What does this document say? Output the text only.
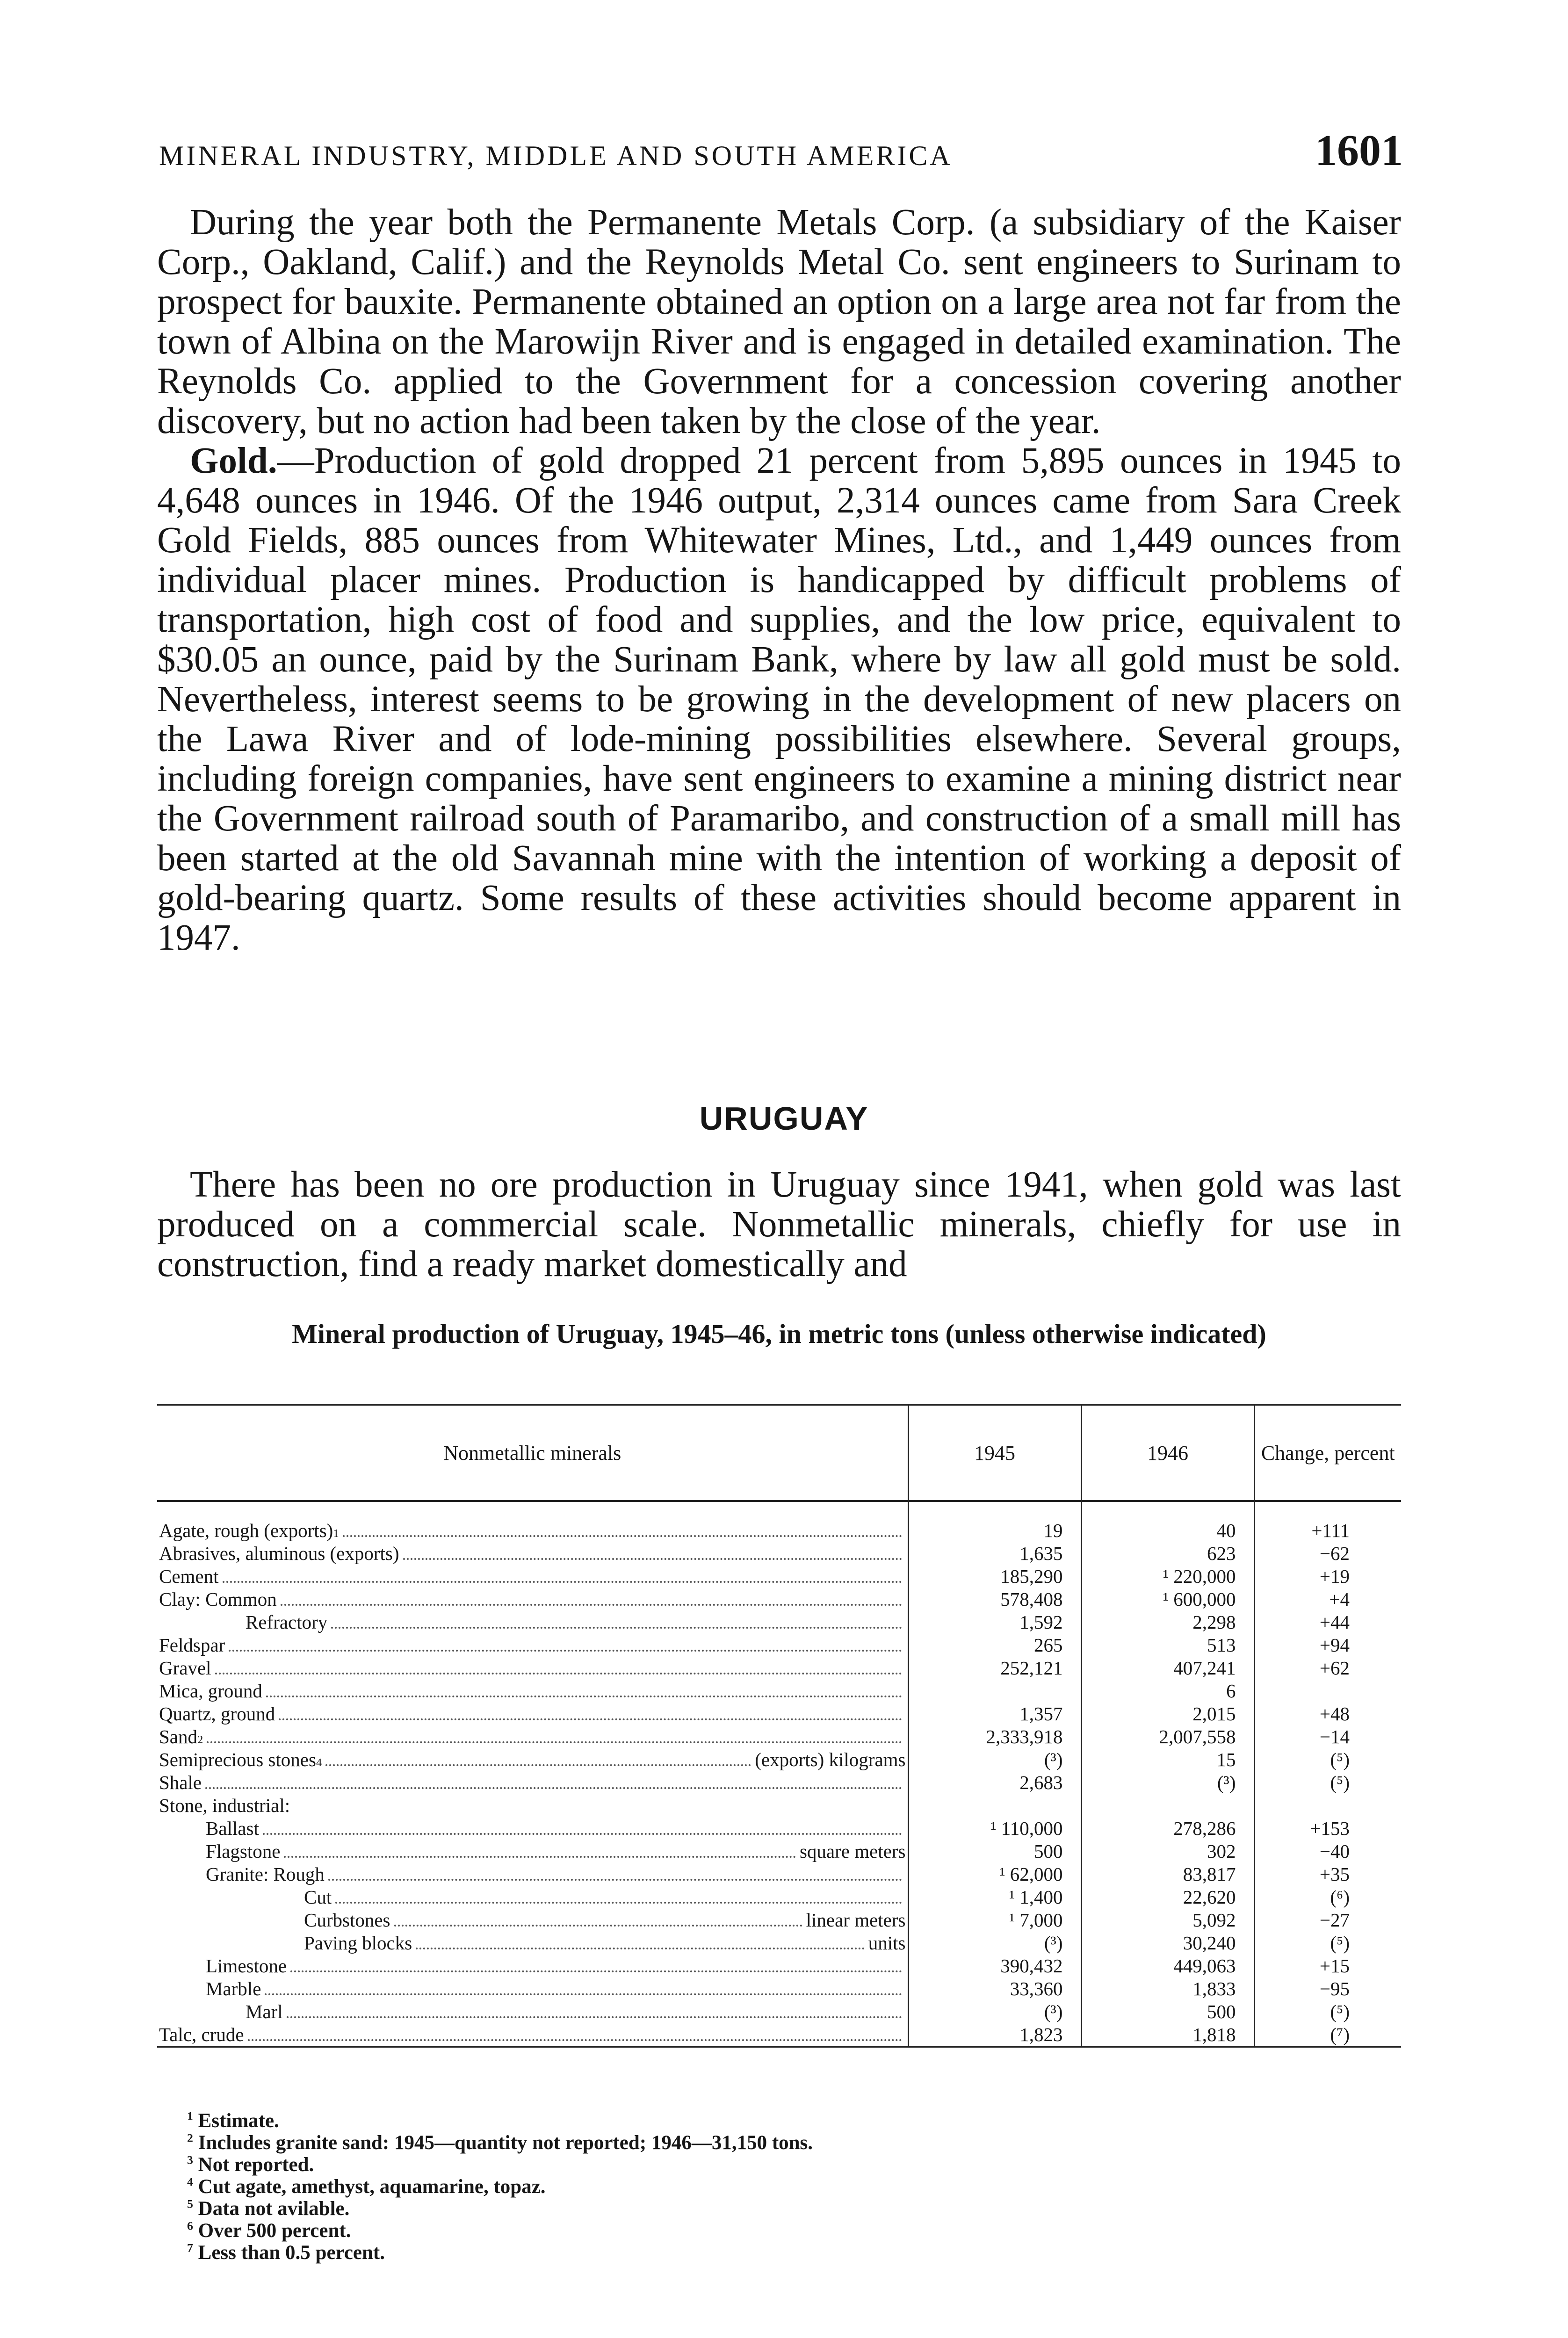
MINERAL INDUSTRY, MIDDLE AND SOUTH AMERICA	1601

During the year both the Permanente Metals Corp. (a subsidiary of the Kaiser Corp., Oakland, Calif.) and the Reynolds Metal Co. sent engineers to Surinam to prospect for bauxite. Permanente obtained an option on a large area not far from the town of Albina on the Marowijn River and is engaged in detailed examination. The Reynolds Co. applied to the Government for a concession covering another discovery, but no action had been taken by the close of the year.

Gold.—Production of gold dropped 21 percent from 5,895 ounces in 1945 to 4,648 ounces in 1946. Of the 1946 output, 2,314 ounces came from Sara Creek Gold Fields, 885 ounces from Whitewater Mines, Ltd., and 1,449 ounces from individual placer mines. Production is handicapped by difficult problems of transportation, high cost of food and supplies, and the low price, equivalent to $30.05 an ounce, paid by the Surinam Bank, where by law all gold must be sold. Nevertheless, interest seems to be growing in the development of new placers on the Lawa River and of lode-mining possibilities elsewhere. Several groups, including foreign companies, have sent engineers to examine a mining district near the Government railroad south of Paramaribo, and construction of a small mill has been started at the old Savannah mine with the intention of working a deposit of gold-bearing quartz. Some results of these activities should become apparent in 1947.

URUGUAY

There has been no ore production in Uruguay since 1941, when gold was last produced on a commercial scale. Nonmetallic minerals, chiefly for use in construction, find a ready market domestically and

Mineral production of Uruguay, 1945–46, in metric tons (unless otherwise indicated)
Nonmetallic minerals	1945	1946	Change, percent

Agate, rough (exports) 1	19	40	+111

Abrasives, aluminous (exports)	1,635	623	−62

Cement	185,290	¹ 220,000	+19

Clay: Common	578,408	¹ 600,000	+4

Refractory	1,592	2,298	+44

Feldspar	265	513	+94

Gravel	252,121	407,241	+62

Mica, ground		6	

Quartz, ground	1,357	2,015	+48

Sand 2	2,333,918	2,007,558	−14

Semiprecious stones 4 (exports) kilograms	(³)	15	(⁵)

Shale	2,683	(³)	(⁵)

Stone, industrial:			

Ballast	¹ 110,000	278,286	+153

Flagstone square meters	500	302	−40

Granite: Rough	¹ 62,000	83,817	+35

Cut	¹ 1,400	22,620	(⁶)

Curbstones linear meters	¹ 7,000	5,092	−27

Paving blocks units	(³)	30,240	(⁵)

Limestone	390,432	449,063	+15

Marble	33,360	1,833	−95

Marl	(³)	500	(⁵)

Talc, crude	1,823	1,818	(⁷)
$^1$ Estimate.
$^2$ Includes granite sand: 1945—quantity not reported; 1946—31,150 tons.
$^3$ Not reported.
$^4$ Cut agate, amethyst, aquamarine, topaz.
$^5$ Data not avilable.
$^6$ Over 500 percent.
$^7$ Less than 0.5 percent.
